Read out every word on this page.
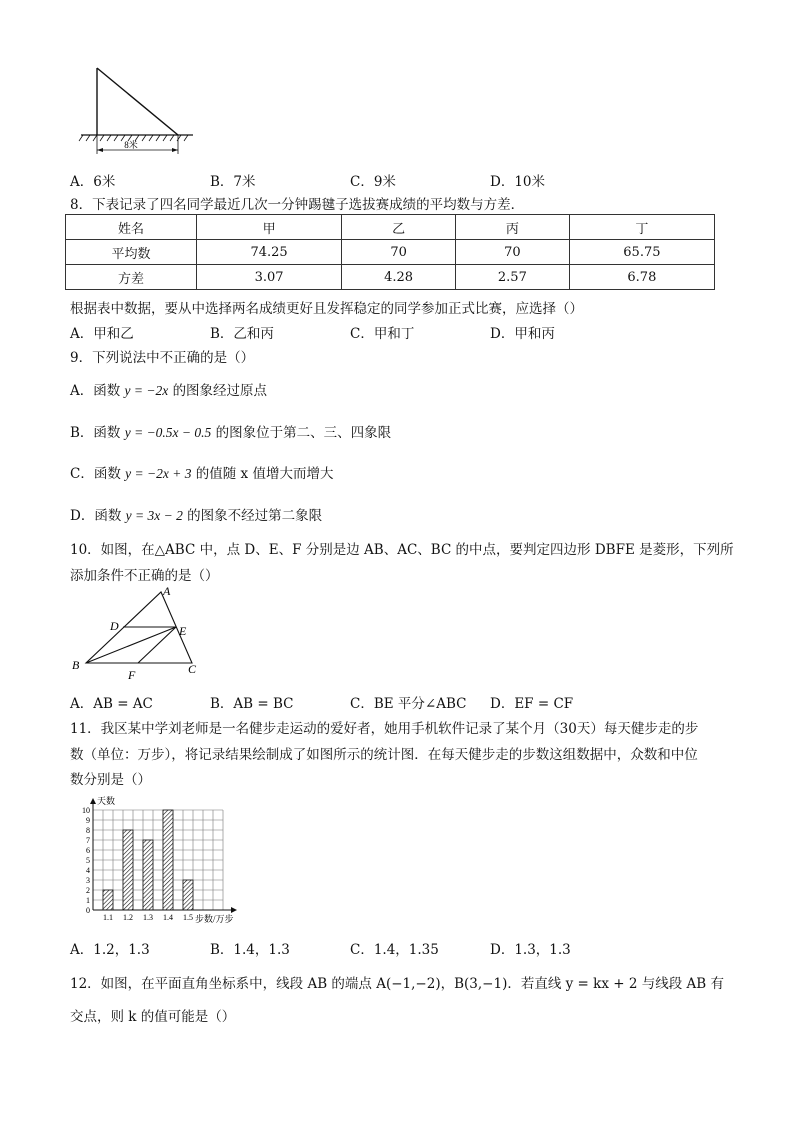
8米
A．6米	B．7米	C．9米	D．10米
8．下表记录了四名同学最近几次一分钟踢毽子选拔赛成绩的平均数与方差．
姓名	甲	乙	丙	丁
平均数	74.25	70	70	65.75
方差	3.07	4.28	2.57	6.78
根据表中数据，要从中选择两名成绩更好且发挥稳定的同学参加正式比赛，应选择（）
A．甲和乙	B．乙和丙	C．甲和丁	D．甲和丙
9．下列说法中不正确的是（）
A．函数 y = −2x 的图象经过原点
B．函数 y = −0.5x − 0.5 的图象位于第二、三、四象限
C．函数 y = −2x + 3 的值随 x 值增大而增大
D．函数 y = 3x − 2 的图象不经过第二象限
10．如图，在△ABC 中，点 D、E、F 分别是边 AB、AC、BC 的中点，要判定四边形 DBFE 是菱形，下列所
添加条件不正确的是（）
A
B	C
D	E
F
A．AB = AC	B．AB = BC	C．BE 平分∠ABC D．EF = CF
11．我区某中学刘老师是一名健步走运动的爱好者，她用手机软件记录了某个月（30天）每天健步走的步
数（单位：万步），将记录结果绘制成了如图所示的统计图．在每天健步走的步数这组数据中，众数和中位
数分别是（）
1.1 1.2 1.3 1.4 1.5
0
1
2
3
4
5
6
7
8
9
10
天数
步数/万步
A．1.2，1.3	B．1.4，1.3	C．1.4，1.35	D．1.3，1.3
12．如图，在平面直角坐标系中，线段 AB 的端点 A(−1,−2)，B(3,−1)．若直线 y = kx + 2 与线段 AB 有
交点，则 k 的值可能是（）
